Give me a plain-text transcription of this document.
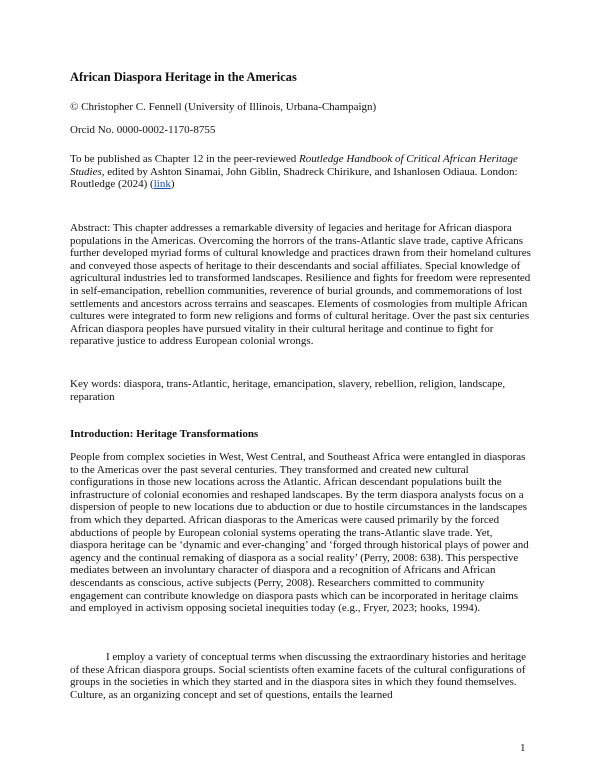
African Diaspora Heritage in the Americas
© Christopher C. Fennell (University of Illinois, Urbana-Champaign)
Orcid No. 0000-0002-1170-8755
To be published as Chapter 12 in the peer-reviewed Routledge Handbook of Critical African Heritage Studies, edited by Ashton Sinamai, John Giblin, Shadreck Chirikure, and Ishanlosen Odiaua. London: Routledge (2024) (link)
Abstract: This chapter addresses a remarkable diversity of legacies and heritage for African diaspora populations in the Americas. Overcoming the horrors of the trans-Atlantic slave trade, captive Africans further developed myriad forms of cultural knowledge and practices drawn from their homeland cultures and conveyed those aspects of heritage to their descendants and social affiliates. Special knowledge of agricultural industries led to transformed landscapes. Resilience and fights for freedom were represented in self-emancipation, rebellion communities, reverence of burial grounds, and commemorations of lost settlements and ancestors across terrains and seascapes. Elements of cosmologies from multiple African cultures were integrated to form new religions and forms of cultural heritage. Over the past six centuries African diaspora peoples have pursued vitality in their cultural heritage and continue to fight for reparative justice to address European colonial wrongs.
Key words: diaspora, trans-Atlantic, heritage, emancipation, slavery, rebellion, religion, landscape, reparation
Introduction: Heritage Transformations
People from complex societies in West, West Central, and Southeast Africa were entangled in diasporas to the Americas over the past several centuries. They transformed and created new cultural configurations in those new locations across the Atlantic. African descendant populations built the infrastructure of colonial economies and reshaped landscapes. By the term diaspora analysts focus on a dispersion of people to new locations due to abduction or due to hostile circumstances in the landscapes from which they departed. African diasporas to the Americas were caused primarily by the forced abductions of people by European colonial systems operating the trans-Atlantic slave trade. Yet, diaspora heritage can be ‘dynamic and ever-changing’ and ‘forged through historical plays of power and agency and the continual remaking of diaspora as a social reality’ (Perry, 2008: 638). This perspective mediates between an involuntary character of diaspora and a recognition of Africans and African descendants as conscious, active subjects (Perry, 2008). Researchers committed to community engagement can contribute knowledge on diaspora pasts which can be incorporated in heritage claims and employed in activism opposing societal inequities today (e.g., Fryer, 2023; hooks, 1994).
I employ a variety of conceptual terms when discussing the extraordinary histories and heritage of these African diaspora groups. Social scientists often examine facets of the cultural configurations of groups in the societies in which they started and in the diaspora sites in which they found themselves. Culture, as an organizing concept and set of questions, entails the learned
1
